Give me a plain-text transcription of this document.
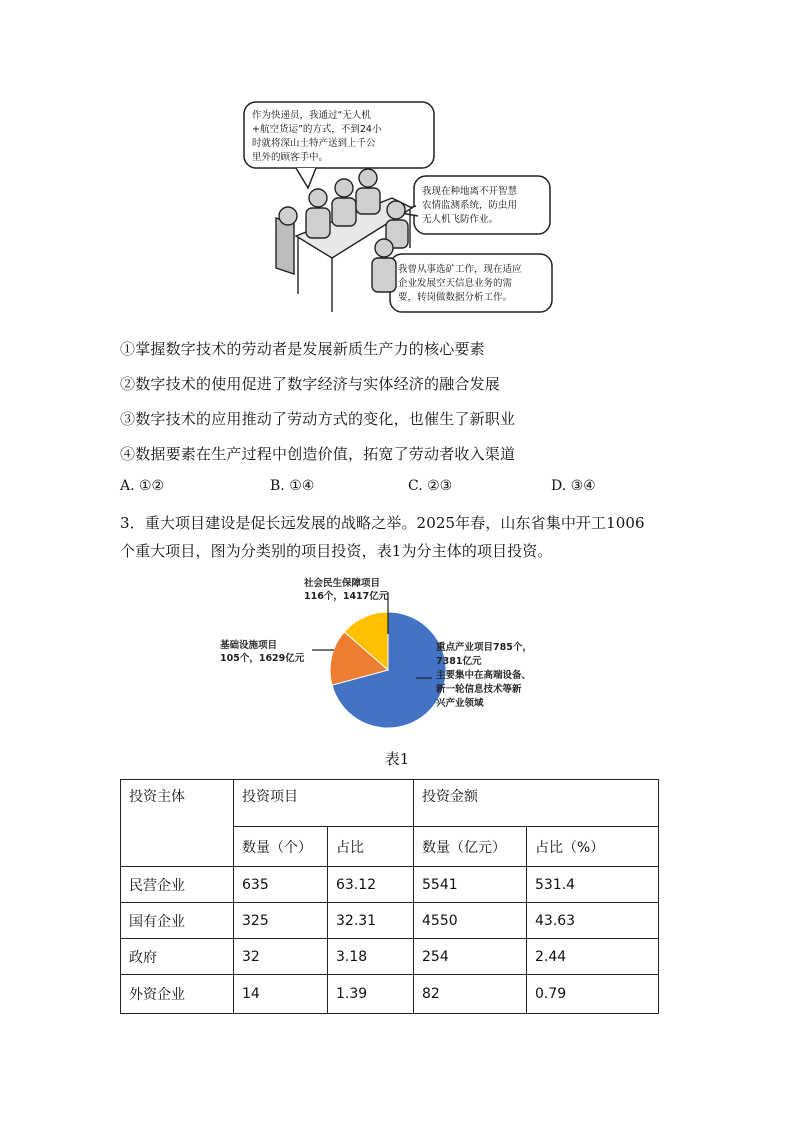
作为快递员，我通过“无人机
+航空货运”的方式，不到24小
时就将深山土特产送到上千公
里外的顾客手中。
我现在种地离不开智慧
农情监测系统，防虫用
无人机飞防作业。
我曾从事选矿工作，现在适应
企业发展空天信息业务的需
要，转岗做数据分析工作。
①掌握数字技术的劳动者是发展新质生产力的核心要素
②数字技术的使用促进了数字经济与实体经济的融合发展
③数字技术的应用推动了劳动方式的变化，也催生了新职业
④数据要素在生产过程中创造价值，拓宽了劳动者收入渠道
A. ①②	B. ①④	C. ②③	D. ③④
3．重大项目建设是促长远发展的战略之举。2025年春，山东省集中开工1006
个重大项目，图为分类别的项目投资，表1为分主体的项目投资。
社会民生保障项目
116个，1417亿元
基础设施项目
105个，1629亿元
重点产业项目785个，
7381亿元
主要集中在高端设备、
新一轮信息技术等新
兴产业领域
表1
投资主体	投资项目		投资金额	
	数量（个）	占比	数量（亿元）	占比（%）
民营企业	635	63.12	5541	531.4
国有企业	325	32.31	4550	43.63
政府	32	3.18	254	2.44
外资企业	14	1.39	82	0.79
